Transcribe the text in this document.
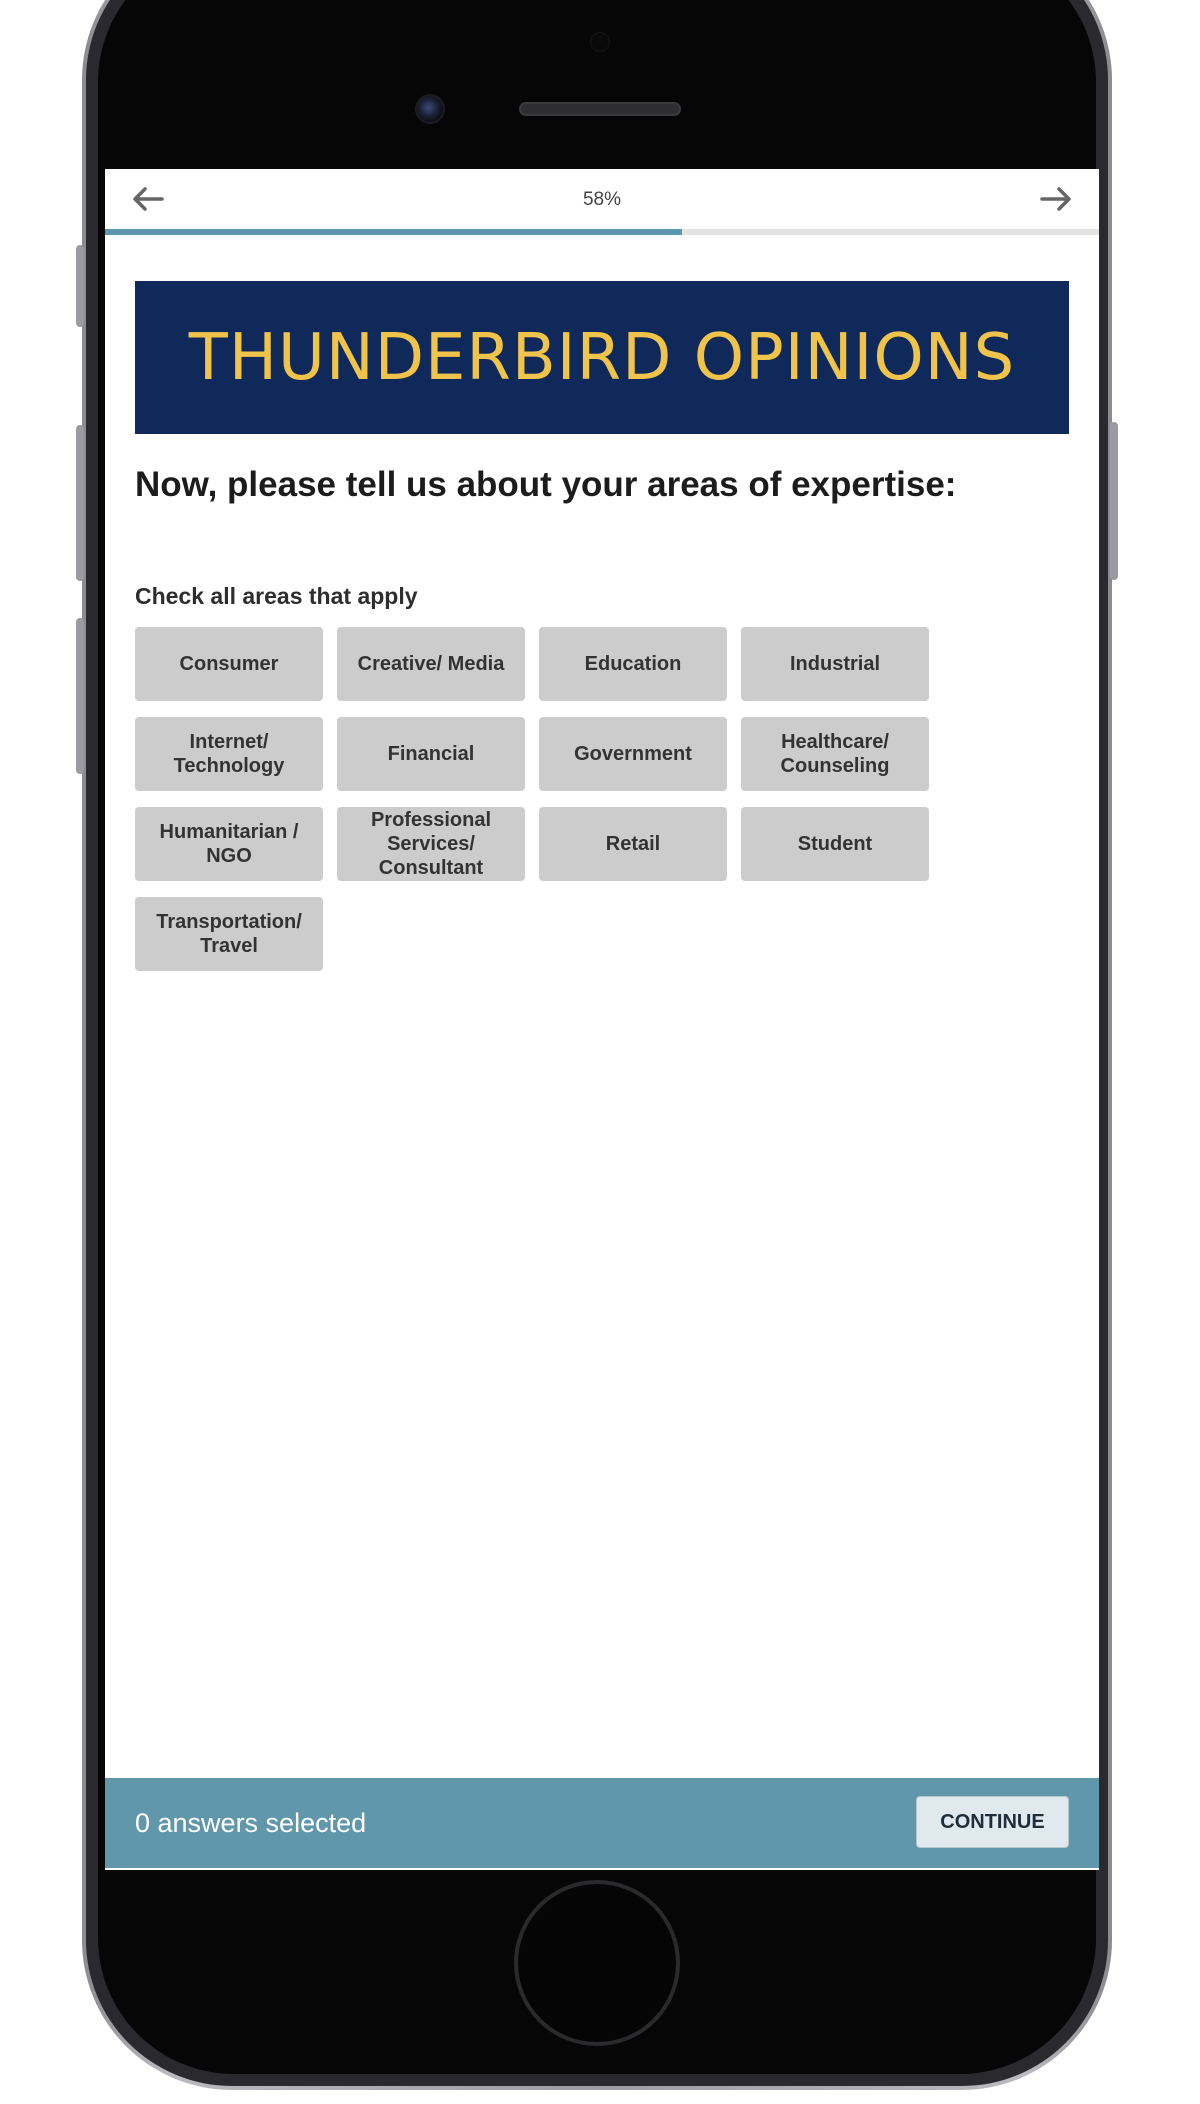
58%
THUNDERBIRD OPINIONS
Now, please tell us about your areas of expertise:
Check all areas that apply
Consumer	Creative/ Media	Education	Industrial
Internet/ Technology
Financial	Government
Healthcare/ Counseling
Humanitarian / NGO
Professional Services/ Consultant
Retail	Student
Transportation/ Travel
0 answers selected	CONTINUE
